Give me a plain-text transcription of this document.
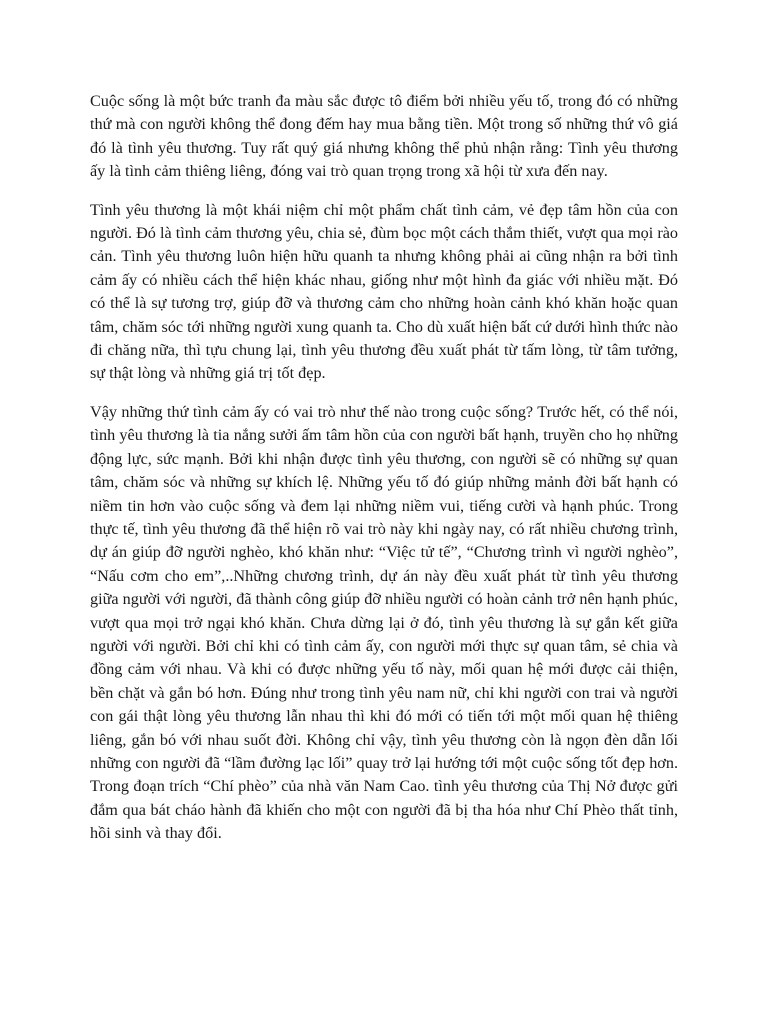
Cuộc sống là một bức tranh đa màu sắc được tô điểm bởi nhiều yếu tố, trong đó có những thứ mà con người không thể đong đếm hay mua bằng tiền. Một trong số những thứ vô giá đó là tình yêu thương. Tuy rất quý giá nhưng không thể phủ nhận rằng: Tình yêu thương ấy là tình cảm thiêng liêng, đóng vai trò quan trọng trong xã hội từ xưa đến nay.

Tình yêu thương là một khái niệm chỉ một phẩm chất tình cảm, vẻ đẹp tâm hồn của con người. Đó là tình cảm thương yêu, chia sẻ, đùm bọc một cách thắm thiết, vượt qua mọi rào cản. Tình yêu thương luôn hiện hữu quanh ta nhưng không phải ai cũng nhận ra bởi tình cảm ấy có nhiều cách thể hiện khác nhau, giống như một hình đa giác với nhiều mặt. Đó có thể là sự tương trợ, giúp đỡ và thương cảm cho những hoàn cảnh khó khăn hoặc quan tâm, chăm sóc tới những người xung quanh ta. Cho dù xuất hiện bất cứ dưới hình thức nào đi chăng nữa, thì tựu chung lại, tình yêu thương đều xuất phát từ tấm lòng, từ tâm tưởng, sự thật lòng và những giá trị tốt đẹp.

Vậy những thứ tình cảm ấy có vai trò như thế nào trong cuộc sống? Trước hết, có thể nói, tình yêu thương là tia nắng sưởi ấm tâm hồn của con người bất hạnh, truyền cho họ những động lực, sức mạnh. Bởi khi nhận được tình yêu thương, con người sẽ có những sự quan tâm, chăm sóc và những sự khích lệ. Những yếu tố đó giúp những mảnh đời bất hạnh có niềm tin hơn vào cuộc sống và đem lại những niềm vui, tiếng cười và hạnh phúc. Trong thực tế, tình yêu thương đã thể hiện rõ vai trò này khi ngày nay, có rất nhiều chương trình, dự án giúp đỡ người nghèo, khó khăn như: “Việc tử tế”, “Chương trình vì người nghèo”, “Nấu cơm cho em”,..Những chương trình, dự án này đều xuất phát từ tình yêu thương giữa người với người, đã thành công giúp đỡ nhiều người có hoàn cảnh trở nên hạnh phúc, vượt qua mọi trở ngại khó khăn. Chưa dừng lại ở đó, tình yêu thương là sự gắn kết giữa người với người. Bởi chỉ khi có tình cảm ấy, con người mới thực sự quan tâm, sẻ chia và đồng cảm với nhau. Và khi có được những yếu tố này, mối quan hệ mới được cải thiện, bền chặt và gắn bó hơn. Đúng như trong tình yêu nam nữ, chỉ khi người con trai và người con gái thật lòng yêu thương lẫn nhau thì khi đó mới có tiến tới một mối quan hệ thiêng liêng, gắn bó với nhau suốt đời. Không chỉ vậy, tình yêu thương còn là ngọn đèn dẫn lối những con người đã “lầm đường lạc lối” quay trở lại hướng tới một cuộc sống tốt đẹp hơn. Trong đoạn trích “Chí phèo” của nhà văn Nam Cao. tình yêu thương của Thị Nở được gửi đắm qua bát cháo hành đã khiến cho một con người đã bị tha hóa như Chí Phèo thất tỉnh, hồi sinh và thay đổi.
